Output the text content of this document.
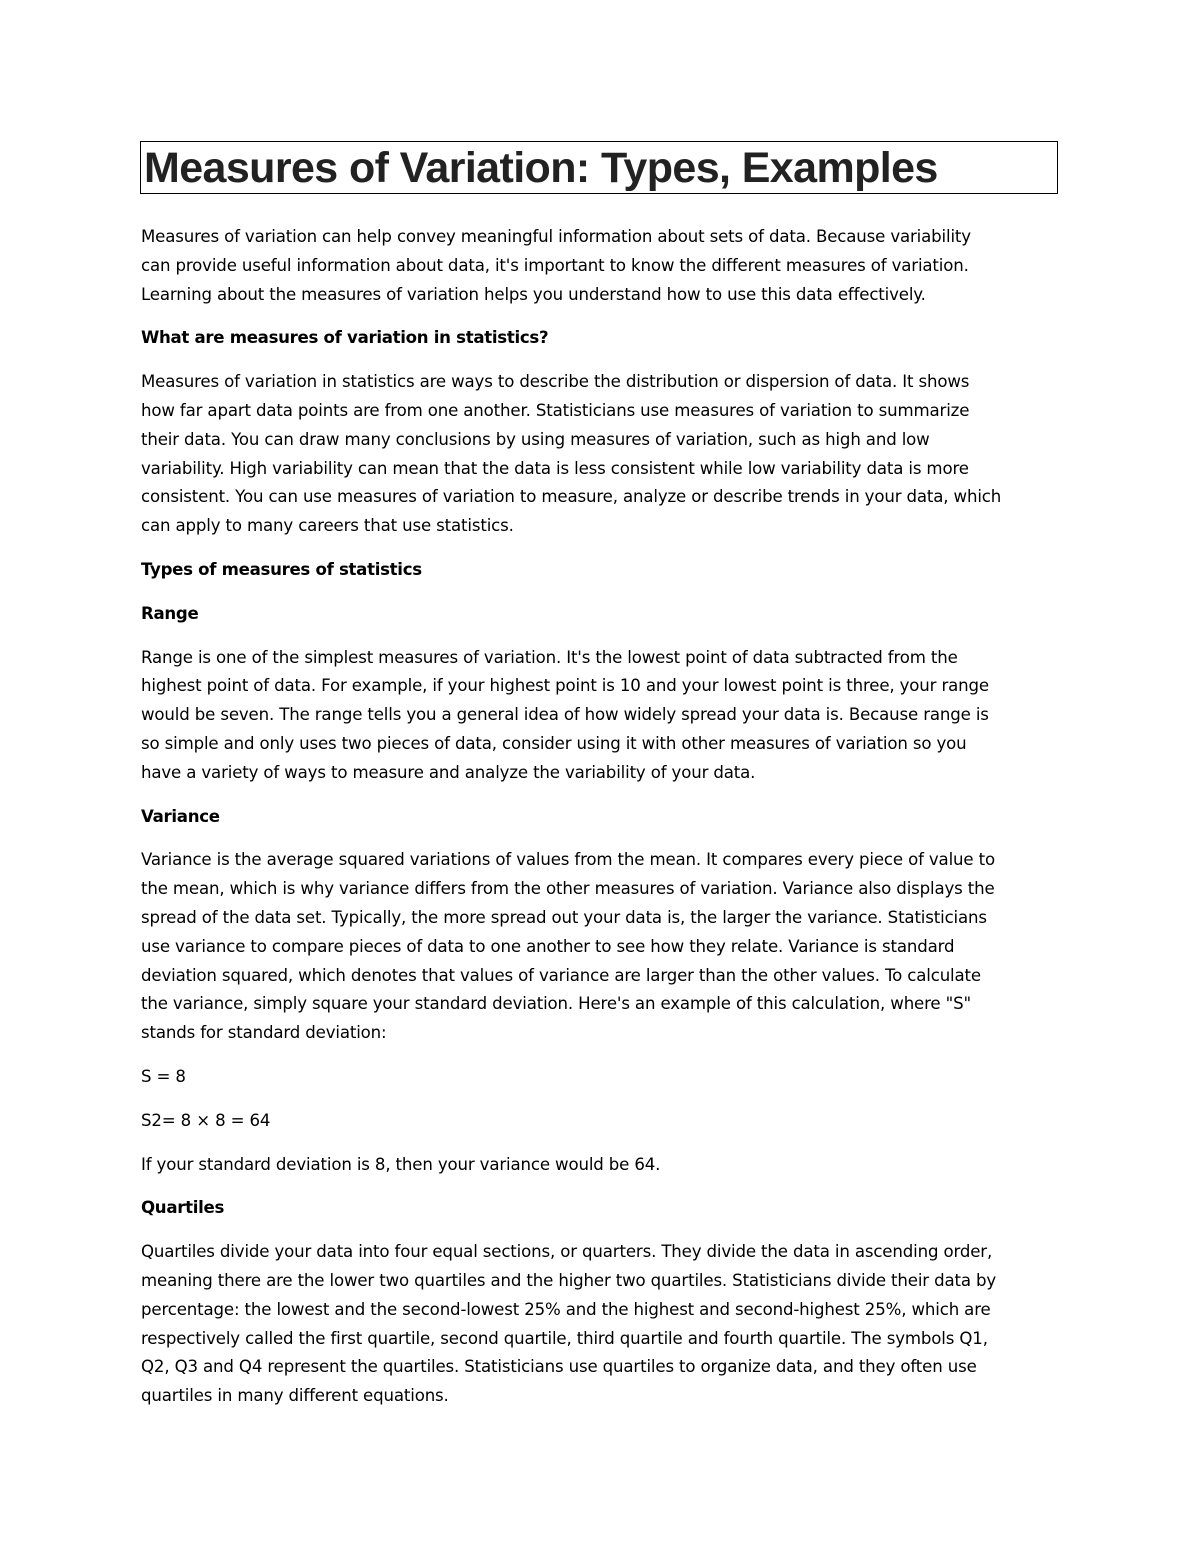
Measures of Variation: Types, Examples

Measures of variation can help convey meaningful information about sets of data. Because variability
can provide useful information about data, it's important to know the different measures of variation.
Learning about the measures of variation helps you understand how to use this data effectively.

What are measures of variation in statistics?

Measures of variation in statistics are ways to describe the distribution or dispersion of data. It shows
how far apart data points are from one another. Statisticians use measures of variation to summarize
their data. You can draw many conclusions by using measures of variation, such as high and low
variability. High variability can mean that the data is less consistent while low variability data is more
consistent. You can use measures of variation to measure, analyze or describe trends in your data, which
can apply to many careers that use statistics.

Types of measures of statistics
Range

Range is one of the simplest measures of variation. It's the lowest point of data subtracted from the
highest point of data. For example, if your highest point is 10 and your lowest point is three, your range
would be seven. The range tells you a general idea of how widely spread your data is. Because range is
so simple and only uses two pieces of data, consider using it with other measures of variation so you
have a variety of ways to measure and analyze the variability of your data.

Variance

Variance is the average squared variations of values from the mean. It compares every piece of value to
the mean, which is why variance differs from the other measures of variation. Variance also displays the
spread of the data set. Typically, the more spread out your data is, the larger the variance. Statisticians
use variance to compare pieces of data to one another to see how they relate. Variance is standard
deviation squared, which denotes that values of variance are larger than the other values. To calculate
the variance, simply square your standard deviation. Here's an example of this calculation, where "S"
stands for standard deviation:

S = 8

S2= 8 × 8 = 64

If your standard deviation is 8, then your variance would be 64.

Quartiles

Quartiles divide your data into four equal sections, or quarters. They divide the data in ascending order,
meaning there are the lower two quartiles and the higher two quartiles. Statisticians divide their data by
percentage: the lowest and the second-lowest 25% and the highest and second-highest 25%, which are
respectively called the first quartile, second quartile, third quartile and fourth quartile. The symbols Q1,
Q2, Q3 and Q4 represent the quartiles. Statisticians use quartiles to organize data, and they often use
quartiles in many different equations.
